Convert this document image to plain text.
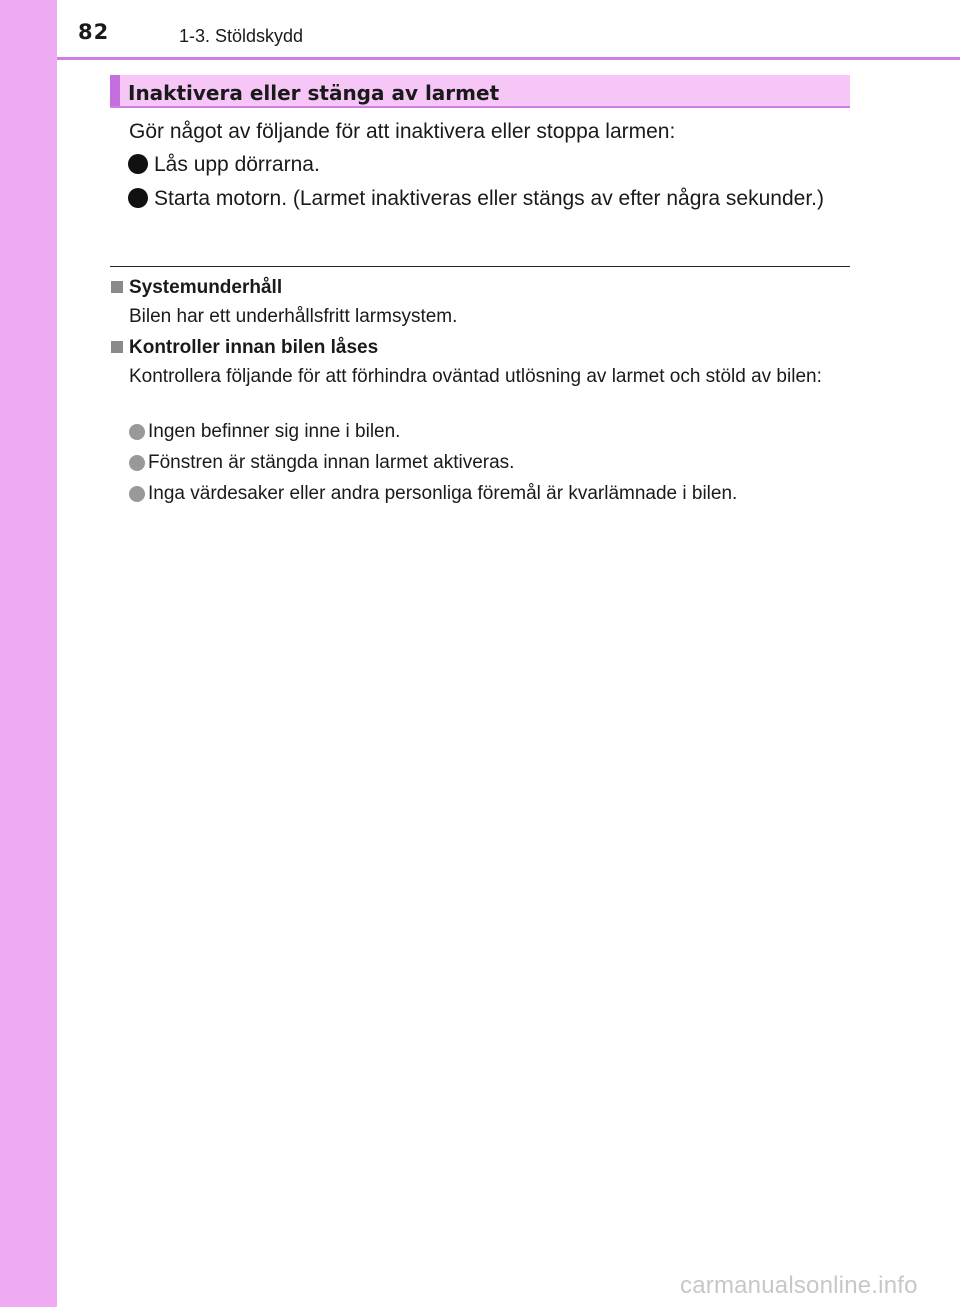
82	1-3. Stöldskydd
Inaktivera eller stänga av larmet
Gör något av följande för att inaktivera eller stoppa larmen:
Lås upp dörrarna.
Starta motorn. (Larmet inaktiveras eller stängs av efter några sekunder.)
Systemunderhåll
Bilen har ett underhållsfritt larmsystem.
Kontroller innan bilen låses
Kontrollera följande för att förhindra oväntad utlösning av larmet och stöld av bilen:
Ingen befinner sig inne i bilen.
Fönstren är stängda innan larmet aktiveras.
Inga värdesaker eller andra personliga föremål är kvarlämnade i bilen.
carmanualsonline.info
